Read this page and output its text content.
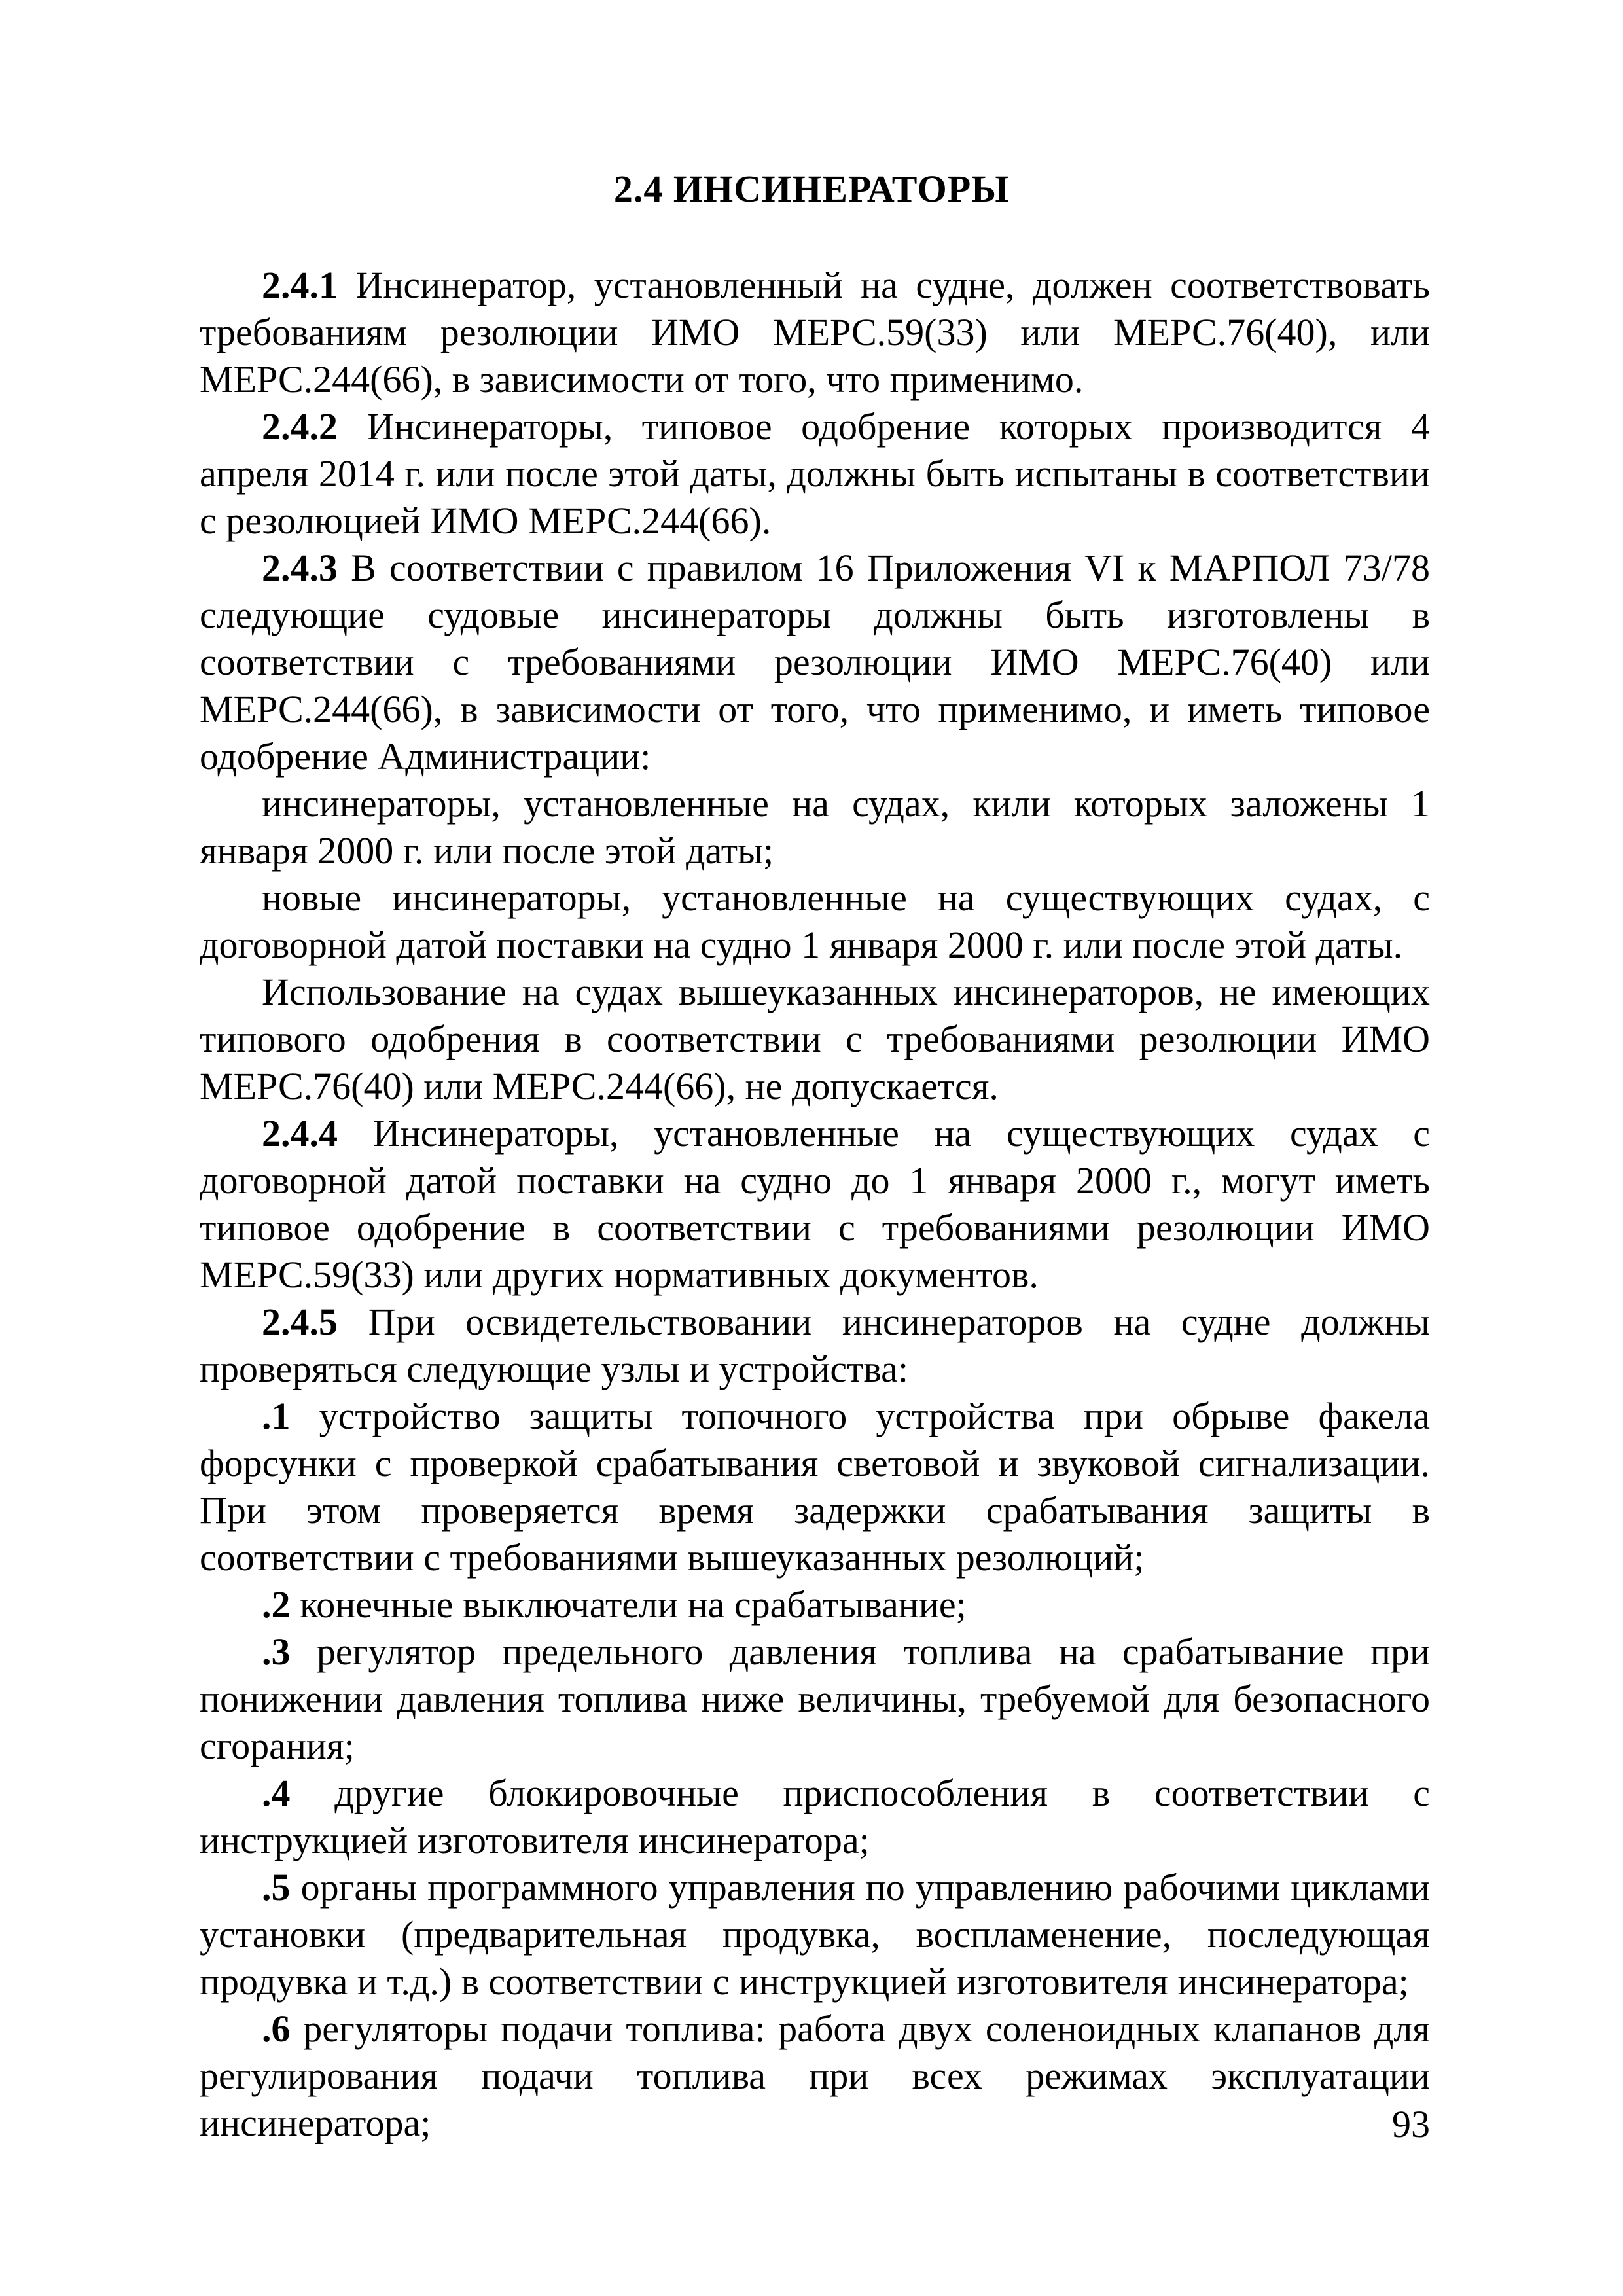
2.4 ИНСИНЕРАТОРЫ

2.4.1 Инсинератор, установленный на судне, должен соответствовать требованиям резолюции ИМО МЕРС.59(33) или МЕРС.76(40), или МЕРС.244(66), в зависимости от того, что применимо.

2.4.2 Инсинераторы, типовое одобрение которых производится 4 апреля 2014 г. или после этой даты, должны быть испытаны в соответствии с резолюцией ИМО МЕРС.244(66).

2.4.3 В соответствии с правилом 16 Приложения VI к МАРПОЛ 73/78 следующие судовые инсинераторы должны быть изготовлены в соответствии с требованиями резолюции ИМО МЕРС.76(40) или МЕРС.244(66), в зависимости от того, что применимо, и иметь типовое одобрение Администрации:

инсинераторы, установленные на судах, кили которых заложены 1 января 2000 г. или после этой даты;

новые инсинераторы, установленные на существующих судах, с договорной датой поставки на судно 1 января 2000 г. или после этой даты.

Использование на судах вышеуказанных инсинераторов, не имеющих типового одобрения в соответствии с требованиями резолюции ИМО МЕРС.76(40) или МЕРС.244(66), не допускается.

2.4.4 Инсинераторы, установленные на существующих судах с договорной датой поставки на судно до 1 января 2000 г., могут иметь типовое одобрение в соответствии с требованиями резолюции ИМО МЕРС.59(33) или других нормативных документов.

2.4.5 При освидетельствовании инсинераторов на судне должны проверяться следующие узлы и устройства:

.1 устройство защиты топочного устройства при обрыве факела форсунки с проверкой срабатывания световой и звуковой сигнализации. При этом проверяется время задержки срабатывания защиты в соответствии с требованиями вышеуказанных резолюций;

.2 конечные выключатели на срабатывание;

.3 регулятор предельного давления топлива на срабатывание при понижении давления топлива ниже величины, требуемой для безопасного сгорания;

.4 другие блокировочные приспособления в соответствии с инструкцией изготовителя инсинератора;

.5 органы программного управления по управлению рабочими циклами установки (предварительная продувка, воспламенение, последующая продувка и т.д.) в соответствии с инструкцией изготовителя инсинератора;

.6 регуляторы подачи топлива: работа двух соленоидных клапанов для регулирования подачи топлива при всех режимах эксплуатации инсинератора;	93
